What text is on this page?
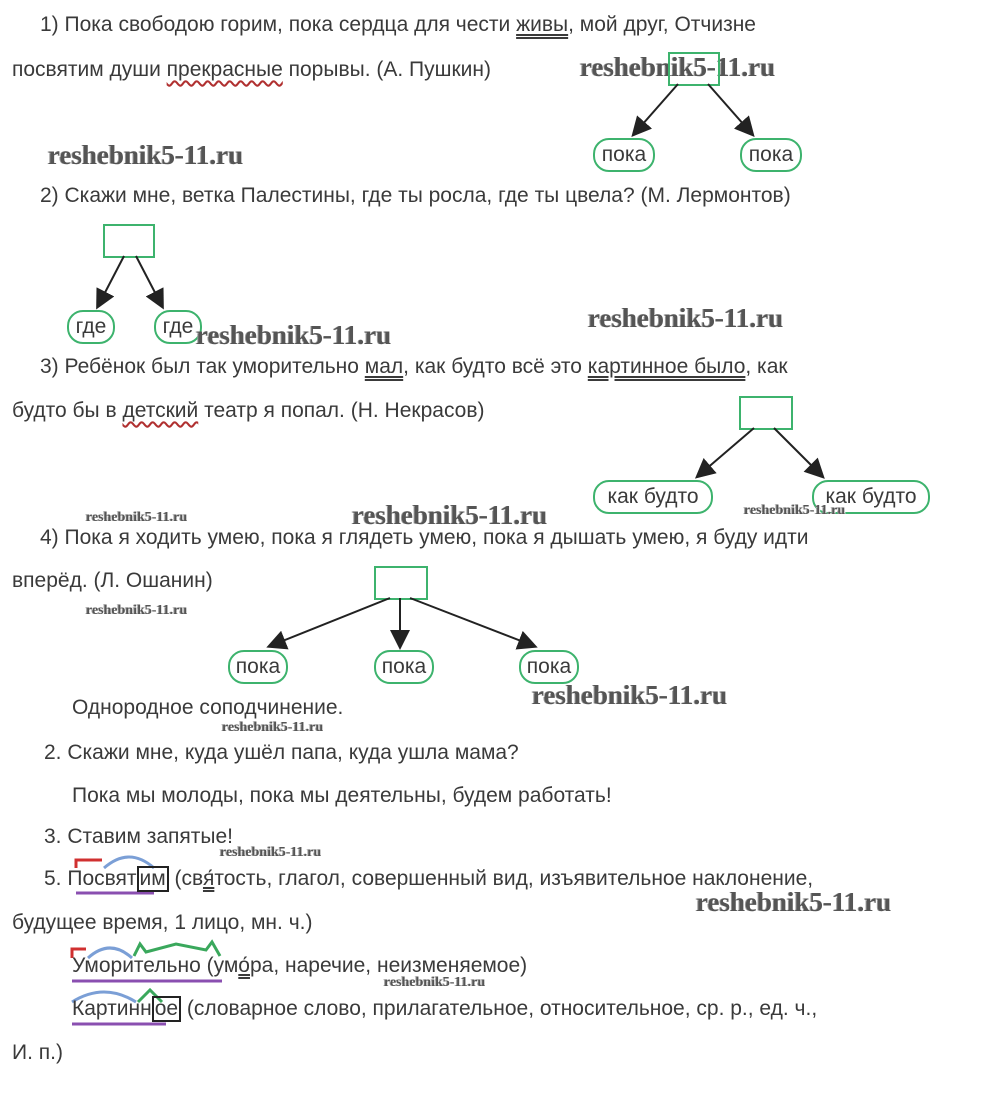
1) Пока свободою горим, пока сердца для чести живы, мой друг, Отчизне
посвятим души прекрасные порывы. (А. Пушкин)	reshebnik5-11.ru
reshebnik5-11.ru	пока	пока
2) Скажи мне, ветка Палестины, где ты росла, где ты цвела? (М. Лермонтов)
где	где reshebnik5-11.ru
reshebnik5-11.ru
3) Ребёнок был так уморительно мал, как будто всё это картинное было, как
будто бы в детский театр я попал. (Н. Некрасов)
как будто	как будто
reshebnik5-11.ru	reshebnik5-11.ru	reshebnik5-11.ru
4) Пока я ходить умею, пока я глядеть умею, пока я дышать умею, я буду идти
вперёд. (Л. Ошанин)
reshebnik5-11.ru
пока	пока	пока
reshebnik5-11.ru
Однородное соподчинение.
reshebnik5-11.ru
2. Скажи мне, куда ушёл папа, куда ушла мама?
Пока мы молоды, пока мы деятельны, будем работать!
3. Ставим запятые!
reshebnik5-11.ru
5. Посвят им (свя́тость, глагол, совершенный вид, изъявительное наклонение,
reshebnik5-11.ru
будущее время, 1 лицо, мн. ч.)
Уморительно (умо́ра, наречие, неизменяемое)
reshebnik5-11.ru
Картинн ое (словарное слово, прилагательное, относительное, ср. р., ед. ч.,
И. п.)
